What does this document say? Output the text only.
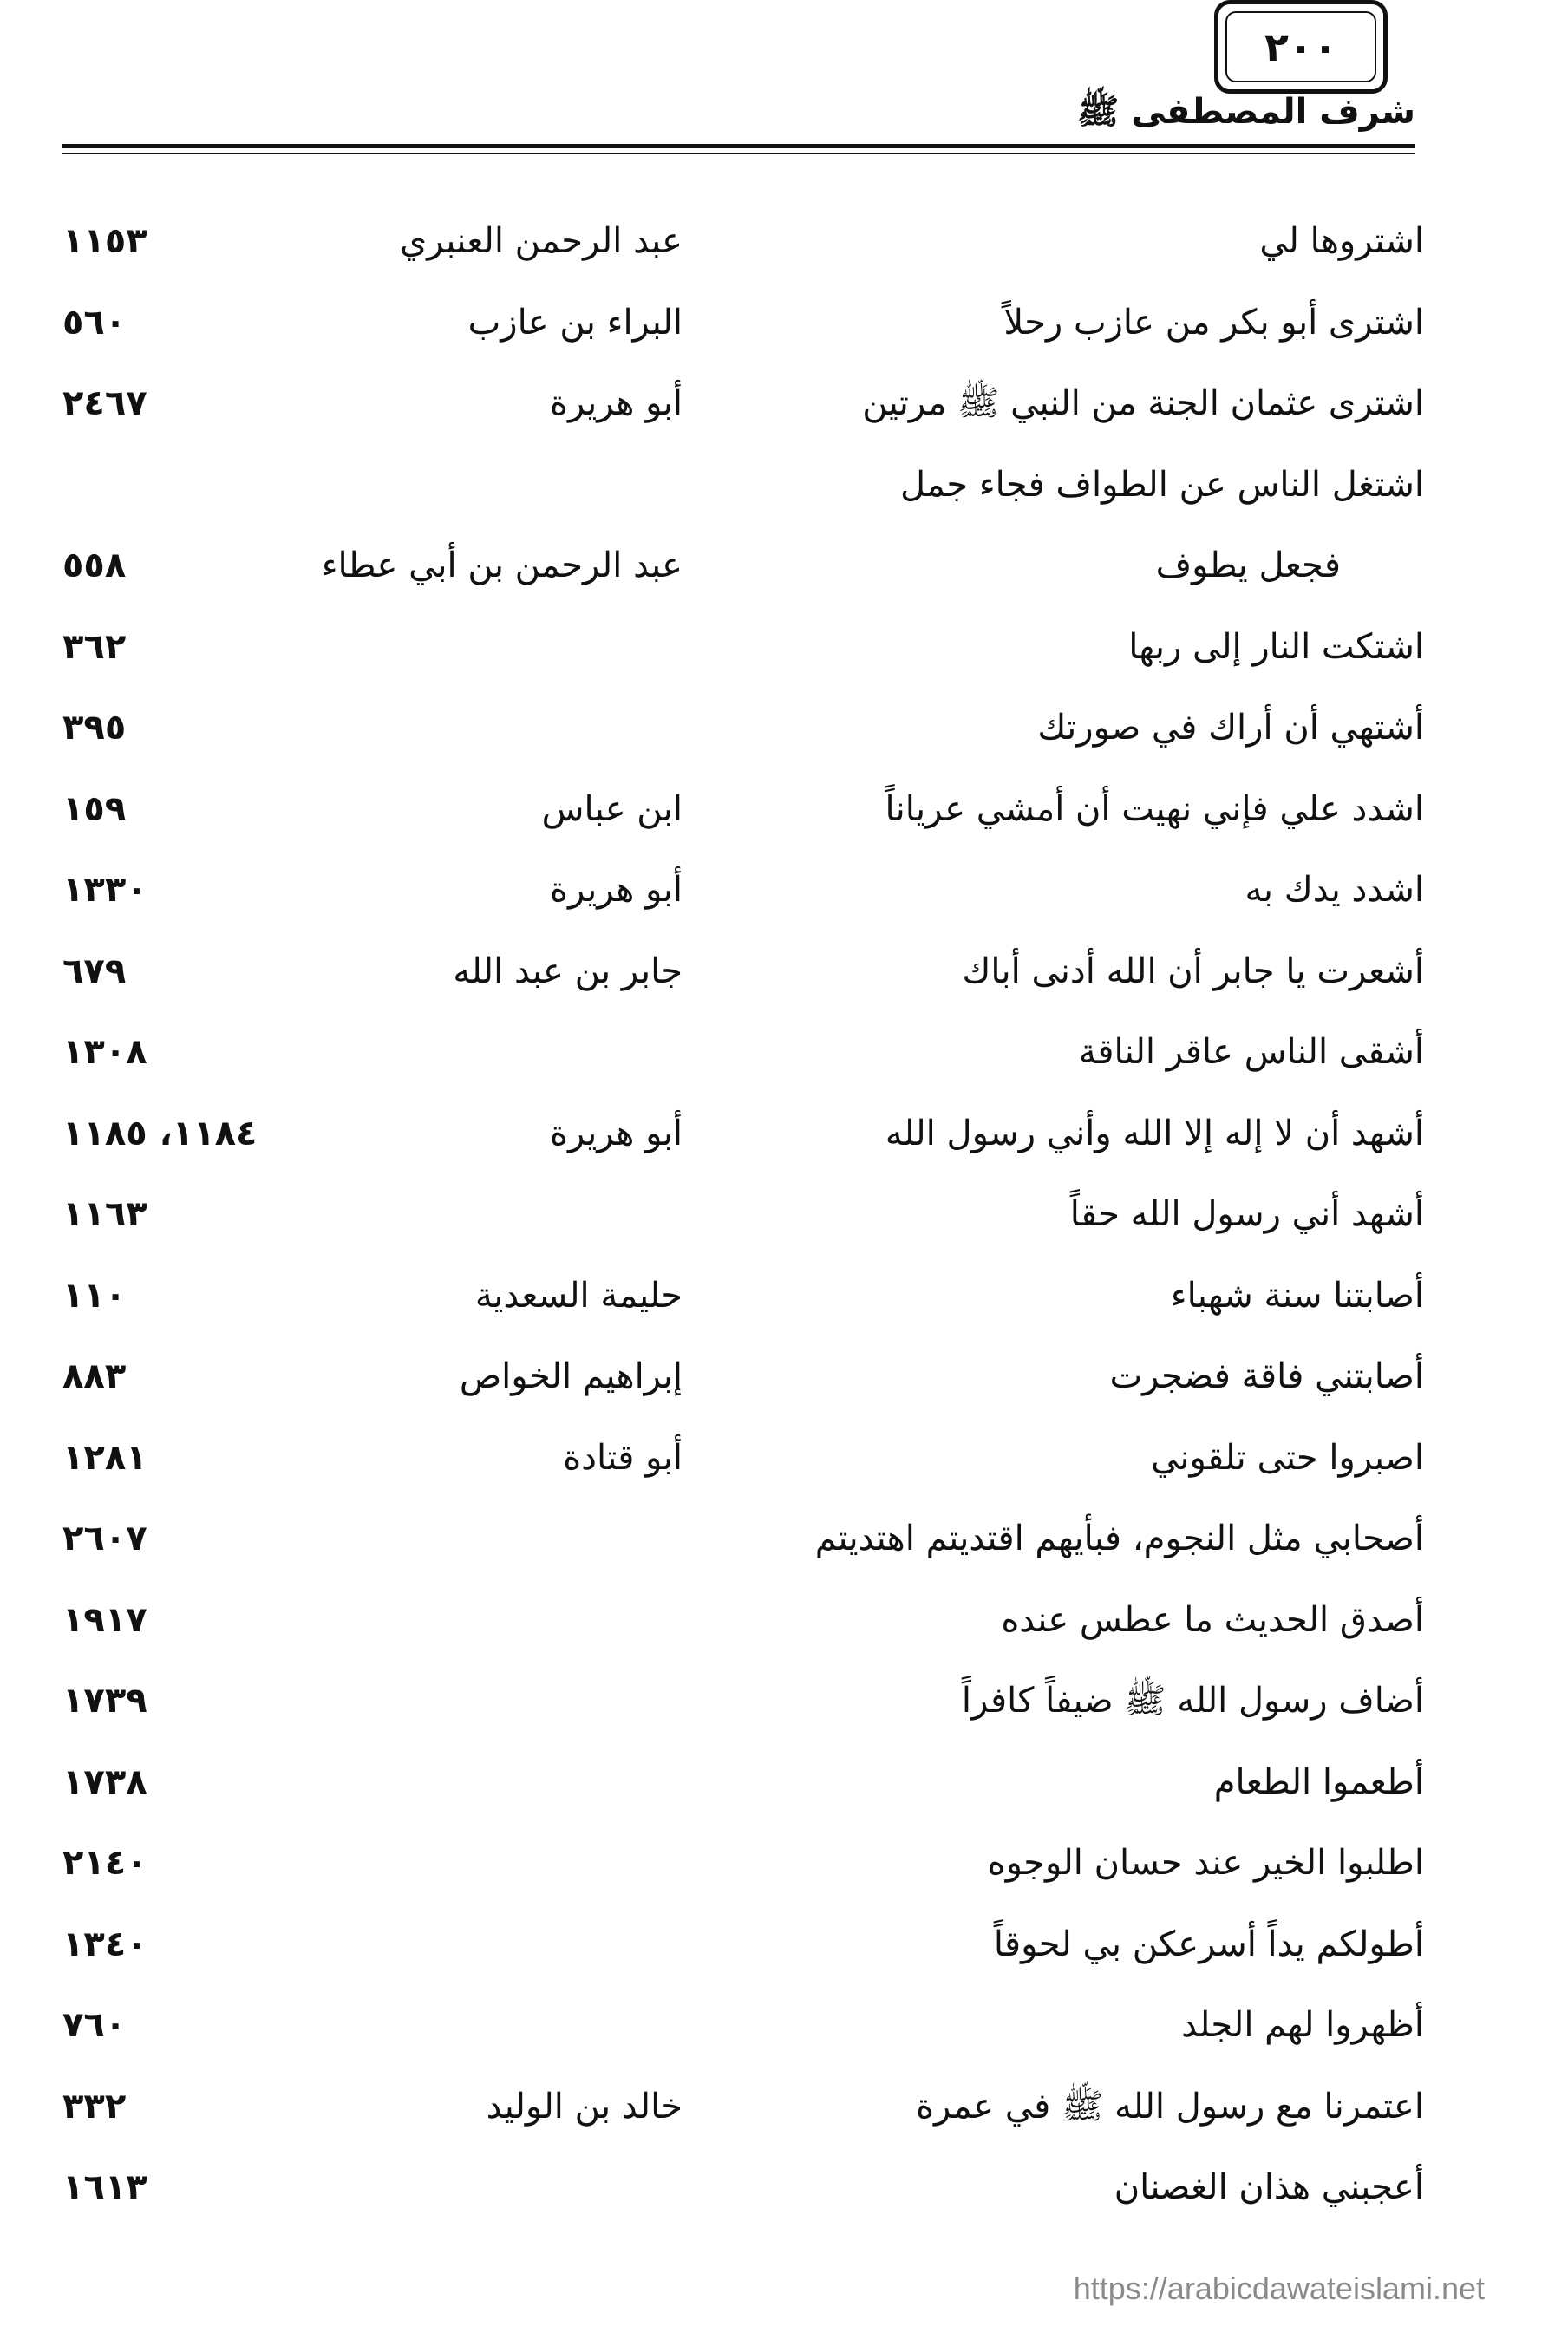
٢٠٠
شرف المصطفى ﷺ
اشتروها لي
عبد الرحمن العنبري
١١٥٣
اشترى أبو بكر من عازب رحلاً
البراء بن عازب
٥٦٠
اشترى عثمان الجنة من النبي ﷺ مرتين
أبو هريرة
٢٤٦٧
اشتغل الناس عن الطواف فجاء جمل
فجعل يطوف
عبد الرحمن بن أبي عطاء
٥٥٨
اشتكت النار إلى ربها
٣٦٢
أشتهي أن أراك في صورتك
٣٩٥
اشدد علي فإني نهيت أن أمشي عرياناً
ابن عباس
١٥٩
اشدد يدك به
أبو هريرة
١٣٣٠
أشعرت يا جابر أن الله أدنى أباك
جابر بن عبد الله
٦٧٩
أشقى الناس عاقر الناقة
١٣٠٨
أشهد أن لا إله إلا الله وأني رسول الله
أبو هريرة
١١٨٤، ١١٨٥
أشهد أني رسول الله حقاً
١١٦٣
أصابتنا سنة شهباء
حليمة السعدية
١١٠
أصابتني فاقة فضجرت
إبراهيم الخواص
٨٨٣
اصبروا حتى تلقوني
أبو قتادة
١٢٨١
أصحابي مثل النجوم، فبأيهم اقتديتم اهتديتم
٢٦٠٧
أصدق الحديث ما عطس عنده
١٩١٧
أضاف رسول الله ﷺ ضيفاً كافراً
١٧٣٩
أطعموا الطعام
١٧٣٨
اطلبوا الخير عند حسان الوجوه
٢١٤٠
أطولكم يداً أسرعكن بي لحوقاً
١٣٤٠
أظهروا لهم الجلد
٧٦٠
اعتمرنا مع رسول الله ﷺ في عمرة
خالد بن الوليد
٣٣٢
أعجبني هذان الغصنان
١٦١٣
https://arabicdawateislami.net
